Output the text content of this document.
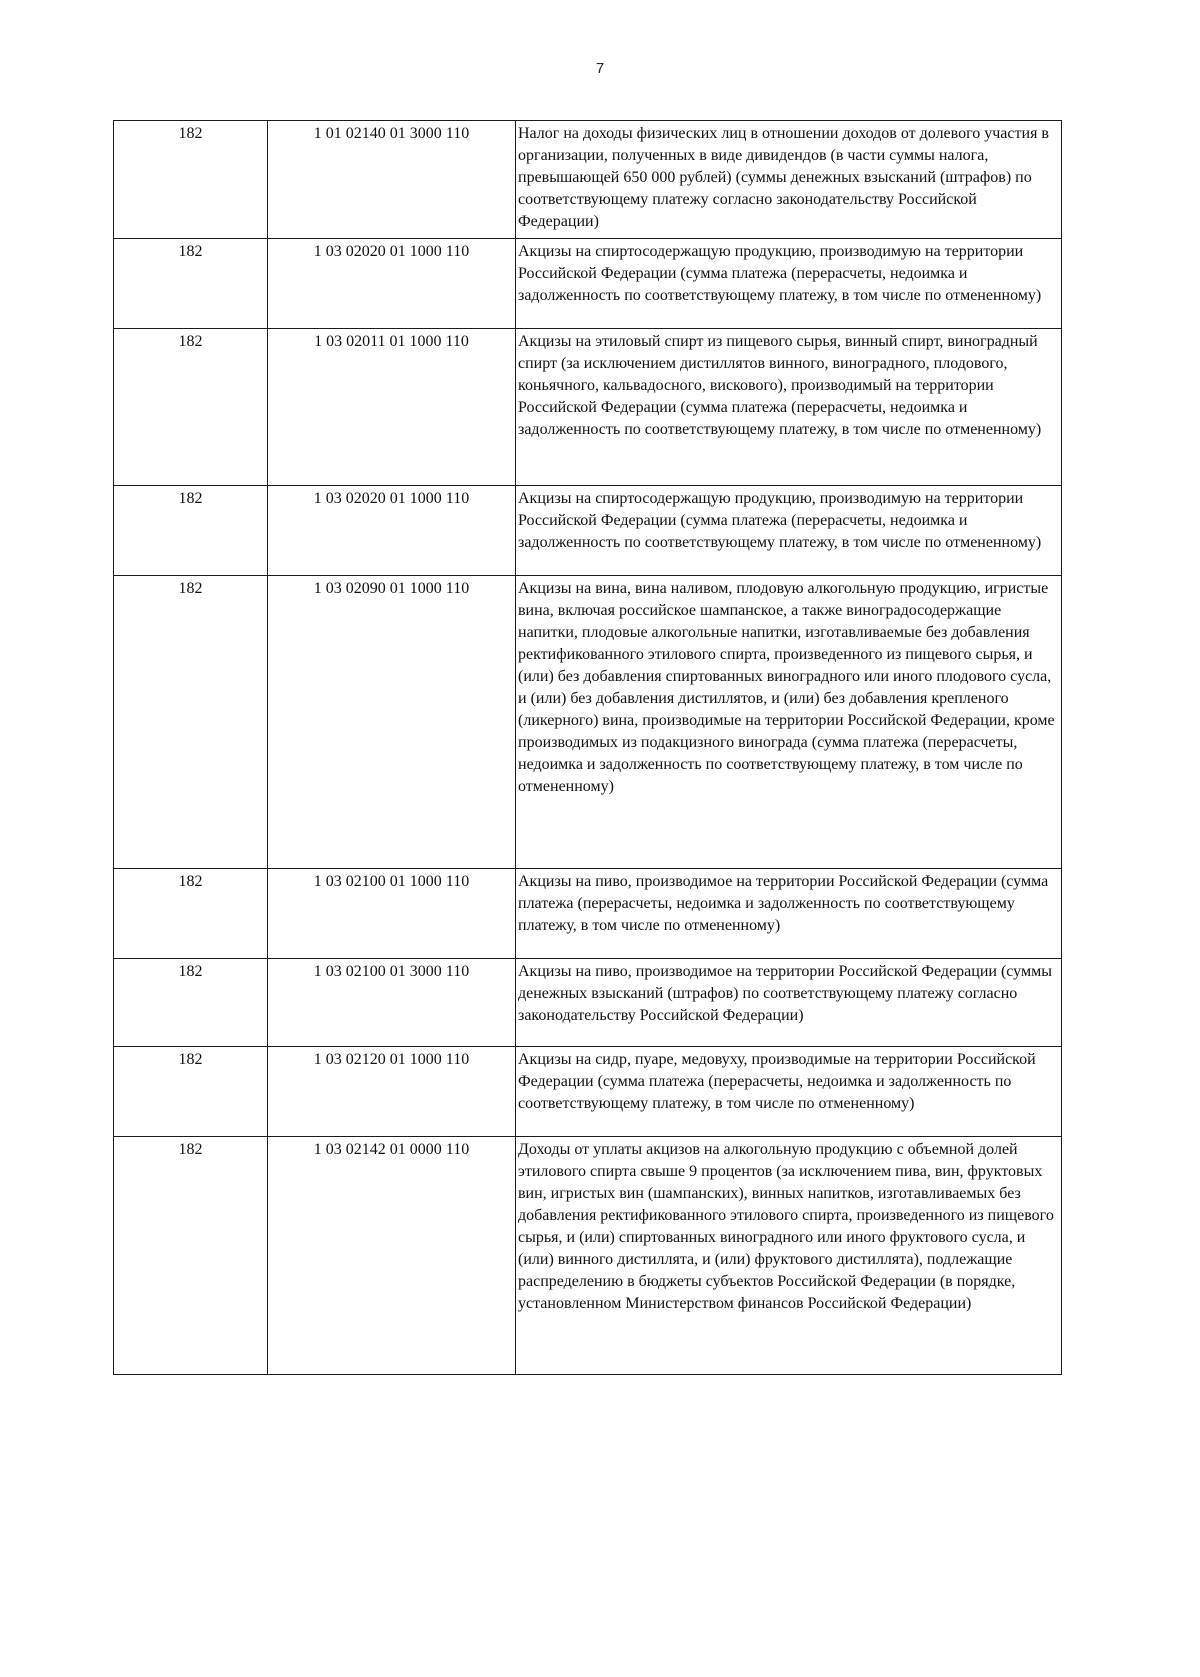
7
182	1 01 02140 01 3000 110	Налог на доходы физических лиц в отношении доходов от долевого участия в организации, полученных в виде дивидендов (в части суммы налога, превышающей 650 000 рублей) (суммы денежных взысканий (штрафов) по соответствующему платежу согласно законодательству Российской Федерации)
182	1 03 02020 01 1000 110	Акцизы на спиртосодержащую продукцию, производимую на территории Российской Федерации (сумма платежа (перерасчеты, недоимка и задолженность по соответствующему платежу, в том числе по отмененному)
182	1 03 02011 01 1000 110	Акцизы на этиловый спирт из пищевого сырья, винный спирт, виноградный спирт (за исключением дистиллятов винного, виноградного, плодового, коньячного, кальвадосного, вискового), производимый на территории Российской Федерации (сумма платежа (перерасчеты, недоимка и задолженность по соответствующему платежу, в том числе по отмененному)
182	1 03 02020 01 1000 110	Акцизы на спиртосодержащую продукцию, производимую на территории Российской Федерации (сумма платежа (перерасчеты, недоимка и задолженность по соответствующему платежу, в том числе по отмененному)
182	1 03 02090 01 1000 110	Акцизы на вина, вина наливом, плодовую алкогольную продукцию, игристые вина, включая российское шампанское, а также виноградосодержащие напитки, плодовые алкогольные напитки, изготавливаемые без добавления ректификованного этилового спирта, произведенного из пищевого сырья, и (или) без добавления спиртованных виноградного или иного плодового сусла, и (или) без добавления дистиллятов, и (или) без добавления крепленого (ликерного) вина, производимые на территории Российской Федерации, кроме производимых из подакцизного винограда (сумма платежа (перерасчеты, недоимка и задолженность по соответствующему платежу, в том числе по отмененному)
182	1 03 02100 01 1000 110	Акцизы на пиво, производимое на территории Российской Федерации (сумма платежа (перерасчеты, недоимка и задолженность по соответствующему платежу, в том числе по отмененному)
182	1 03 02100 01 3000 110	Акцизы на пиво, производимое на территории Российской Федерации (суммы денежных взысканий (штрафов) по соответствующему платежу согласно законодательству Российской Федерации)
182	1 03 02120 01 1000 110	Акцизы на сидр, пуаре, медовуху, производимые на территории Российской Федерации (сумма платежа (перерасчеты, недоимка и задолженность по соответствующему платежу, в том числе по отмененному)
182	1 03 02142 01 0000 110	Доходы от уплаты акцизов на алкогольную продукцию с объемной долей этилового спирта свыше 9 процентов (за исключением пива, вин, фруктовых вин, игристых вин (шампанских), винных напитков, изготавливаемых без добавления ректификованного этилового спирта, произведенного из пищевого сырья, и (или) спиртованных виноградного или иного фруктового сусла, и (или) винного дистиллята, и (или) фруктового дистиллята), подлежащие распределению в бюджеты субъектов Российской Федерации (в порядке, установленном Министерством финансов Российской Федерации)
